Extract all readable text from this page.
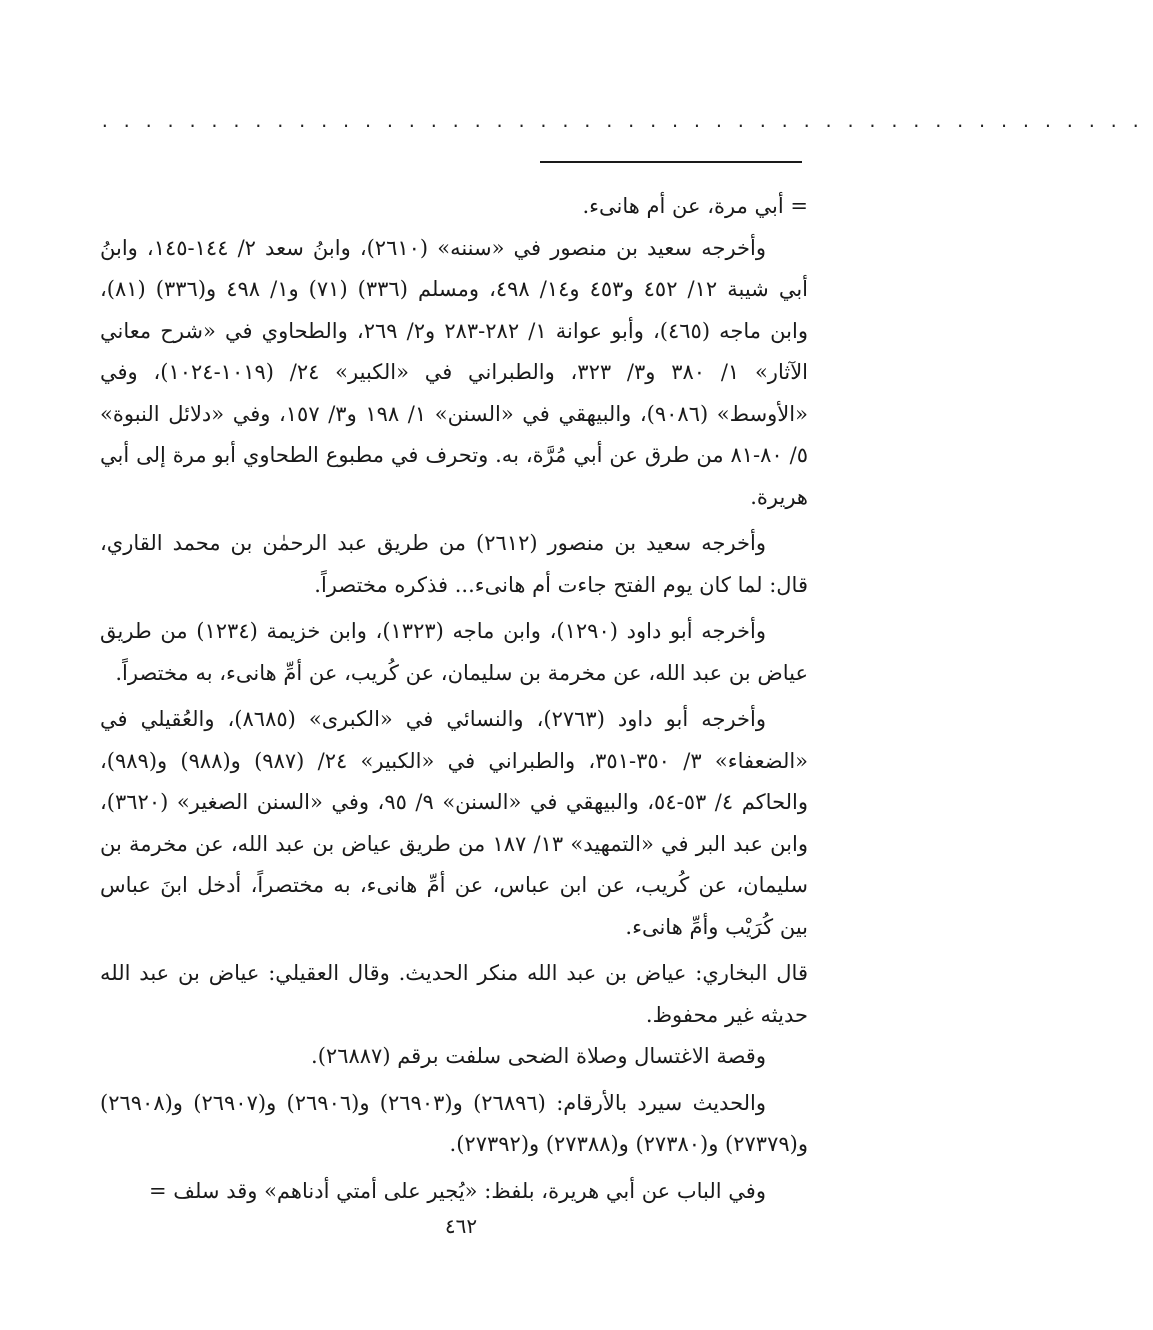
................................................

= أبي مرة، عن أم هانىء.

وأخرجه سعيد بن منصور في «سننه» (٢٦١٠)، وابنُ سعد ٢/ ١٤٤-١٤٥، وابنُ أبي شيبة ١٢/ ٤٥٢ و٤٥٣ و١٤/ ٤٩٨، ومسلم (٣٣٦) (٧١) و١/ ٤٩٨ و(٣٣٦) (٨١)، وابن ماجه (٤٦٥)، وأبو عوانة ١/ ٢٨٢-٢٨٣ و٢/ ٢٦٩، والطحاوي في «شرح معاني الآثار» ١/ ٣٨٠ و٣/ ٣٢٣، والطبراني في «الكبير» ٢٤/ (١٠١٩-١٠٢٤)، وفي «الأوسط» (٩٠٨٦)، والبيهقي في «السنن» ١/ ١٩٨ و٣/ ١٥٧، وفي «دلائل النبوة» ٥/ ٨٠-٨١ من طرق عن أبي مُرَّة، به. وتحرف في مطبوع الطحاوي أبو مرة إلى أبي هريرة.

وأخرجه سعيد بن منصور (٢٦١٢) من طريق عبد الرحمٰن بن محمد القاري، قال: لما كان يوم الفتح جاءت أم هانىء... فذكره مختصراً.

وأخرجه أبو داود (١٢٩٠)، وابن ماجه (١٣٢٣)، وابن خزيمة (١٢٣٤) من طريق عياض بن عبد الله، عن مخرمة بن سليمان، عن كُريب، عن أمِّ هانىء، به مختصراً.

وأخرجه أبو داود (٢٧٦٣)، والنسائي في «الكبرى» (٨٦٨٥)، والعُقيلي في «الضعفاء» ٣/ ٣٥٠-٣٥١، والطبراني في «الكبير» ٢٤/ (٩٨٧) و(٩٨٨) و(٩٨٩)، والحاكم ٤/ ٥٣-٥٤، والبيهقي في «السنن» ٩/ ٩٥، وفي «السنن الصغير» (٣٦٢٠)، وابن عبد البر في «التمهيد» ١٣/ ١٨٧ من طريق عياض بن عبد الله، عن مخرمة بن سليمان، عن كُريب، عن ابن عباس، عن أمِّ هانىء، به مختصراً، أدخل ابنَ عباس بين كُرَيْب وأمِّ هانىء.

قال البخاري: عياض بن عبد الله منكر الحديث. وقال العقيلي: عياض بن عبد الله حديثه غير محفوظ.

وقصة الاغتسال وصلاة الضحى سلفت برقم (٢٦٨٨٧).

والحديث سيرد بالأرقام: (٢٦٨٩٦) و(٢٦٩٠٣) و(٢٦٩٠٦) و(٢٦٩٠٧) و(٢٦٩٠٨) و(٢٧٣٧٩) و(٢٧٣٨٠) و(٢٧٣٨٨) و(٢٧٣٩٢).

وفي الباب عن أبي هريرة، بلفظ: «يُجير على أمتي أدناهم» وقد سلف =

٤٦٢
